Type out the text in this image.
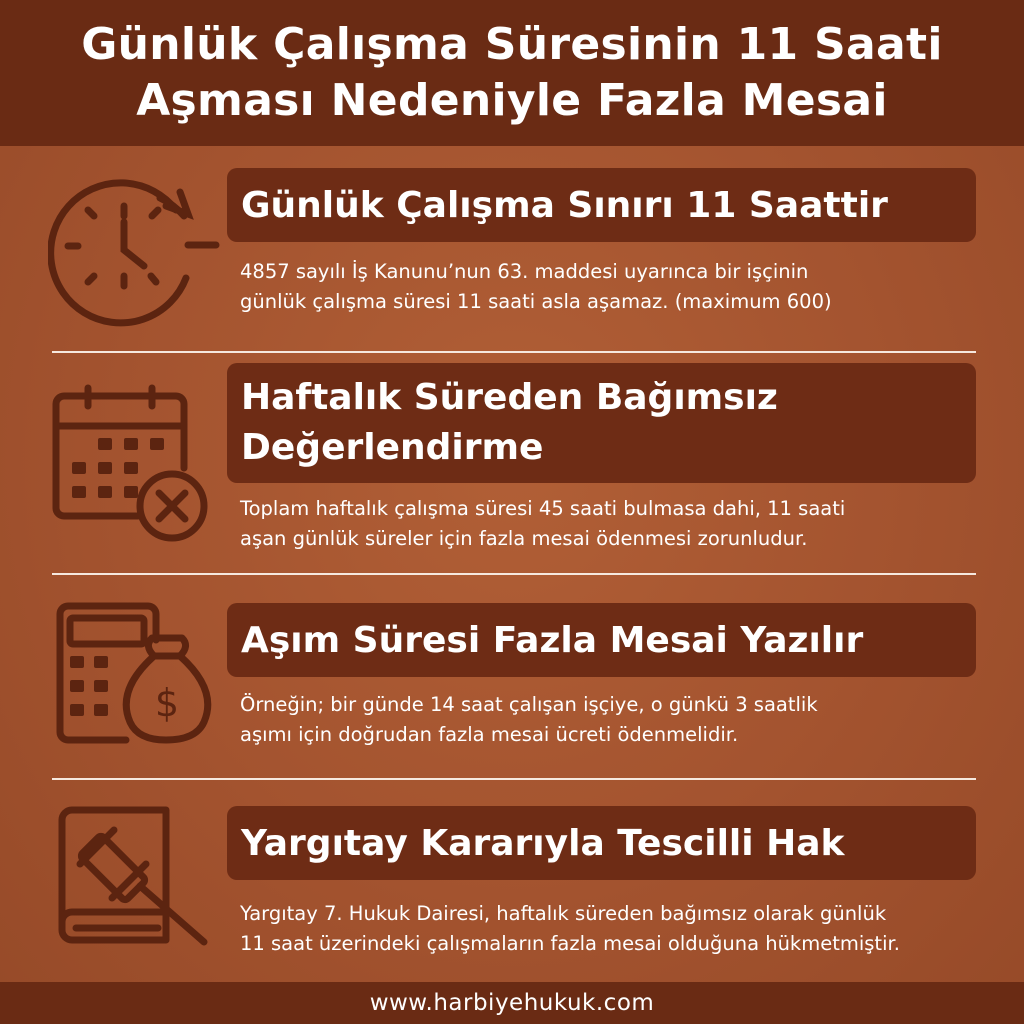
Günlük Çalışma Süresinin 11 Saati
Aşması Nedeniyle Fazla Mesai
Günlük Çalışma Sınırı 11 Saattir
4857 sayılı İş Kanunu’nun 63. maddesi uyarınca bir işçinin
günlük çalışma süresi 11 saati asla aşamaz. (maximum 600)
Haftalık Süreden Bağımsız
Değerlendirme
Toplam haftalık çalışma süresi 45 saati bulmasa dahi, 11 saati
aşan günlük süreler için fazla mesai ödenmesi zorunludur.
$
Aşım Süresi Fazla Mesai Yazılır
Örneğin; bir günde 14 saat çalışan işçiye, o günkü 3 saatlik
aşımı için doğrudan fazla mesai ücreti ödenmelidir.
Yargıtay Kararıyla Tescilli Hak
Yargıtay 7. Hukuk Dairesi, haftalık süreden bağımsız olarak günlük
11 saat üzerindeki çalışmaların fazla mesai olduğuna hükmetmiştir.
www.harbiyehukuk.com
